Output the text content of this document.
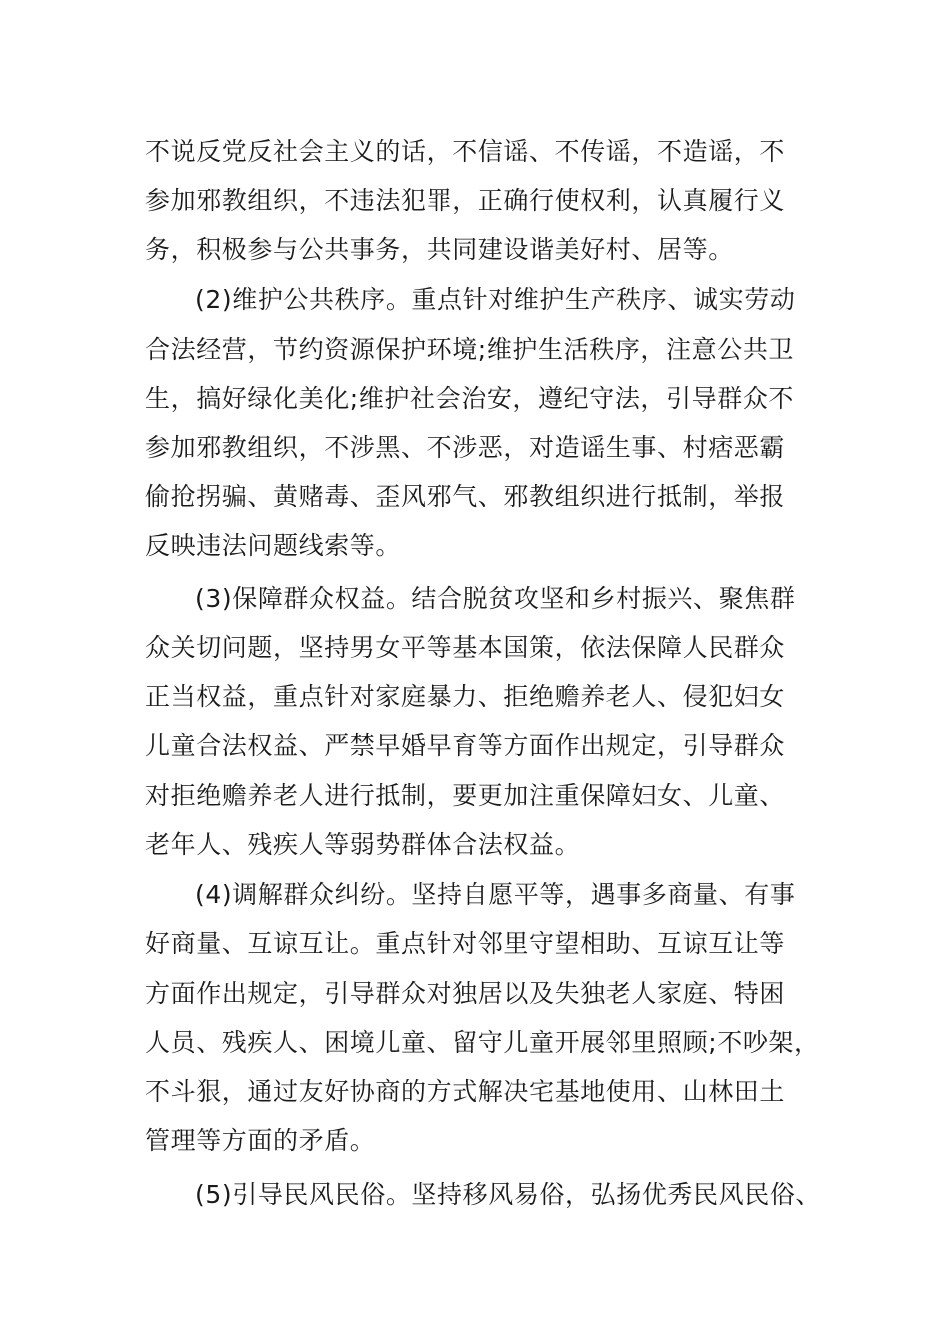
不说反党反社会主义的话，不信谣、不传谣，不造谣，不
参加邪教组织，不违法犯罪，正确行使权利，认真履行义
务，积极参与公共事务，共同建设谐美好村、居等。
(2)维护公共秩序。重点针对维护生产秩序、诚实劳动
合法经营，节约资源保护环境;维护生活秩序，注意公共卫
生，搞好绿化美化;维护社会治安，遵纪守法，引导群众不
参加邪教组织，不涉黑、不涉恶，对造谣生事、村痞恶霸
偷抢拐骗、黄赌毒、歪风邪气、邪教组织进行抵制，举报
反映违法问题线索等。
(3)保障群众权益。结合脱贫攻坚和乡村振兴、聚焦群
众关切问题，坚持男女平等基本国策，依法保障人民群众
正当权益，重点针对家庭暴力、拒绝赡养老人、侵犯妇女
儿童合法权益、严禁早婚早育等方面作出规定，引导群众
对拒绝赡养老人进行抵制，要更加注重保障妇女、儿童、
老年人、残疾人等弱势群体合法权益。
(4)调解群众纠纷。坚持自愿平等，遇事多商量、有事
好商量、互谅互让。重点针对邻里守望相助、互谅互让等
方面作出规定，引导群众对独居以及失独老人家庭、特困
人员、残疾人、困境儿童、留守儿童开展邻里照顾;不吵架，
不斗狠，通过友好协商的方式解决宅基地使用、山林田土
管理等方面的矛盾。
(5)引导民风民俗。坚持移风易俗，弘扬优秀民风民俗、
